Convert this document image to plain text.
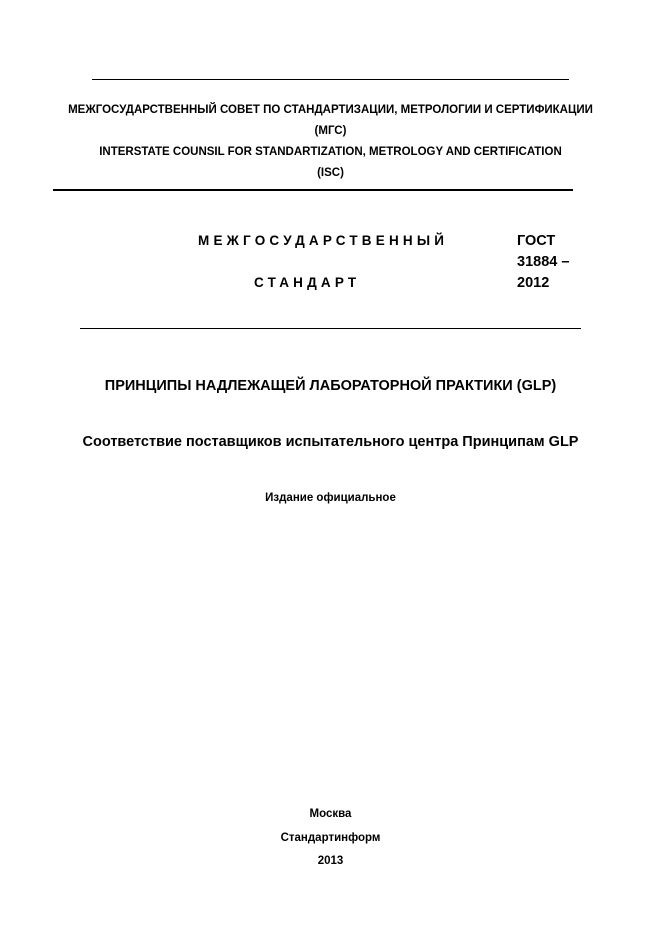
МЕЖГОСУДАРСТВЕННЫЙ СОВЕТ ПО СТАНДАРТИЗАЦИИ, МЕТРОЛОГИИ И СЕРТИФИКАЦИИ
(МГС)
INTERSTATE COUNSIL FOR STANDARTIZATION, METROLOGY AND CERTIFICATION
(ISC)
МЕЖГОСУДАРСТВЕННЫЙ
СТАНДАРТ
ГОСТ
31884 –
2012
ПРИНЦИПЫ НАДЛЕЖАЩЕЙ ЛАБОРАТОРНОЙ ПРАКТИКИ (GLP)
Соответствие поставщиков испытательного центра Принципам GLP
Издание официальное
Москва
Стандартинформ
2013
